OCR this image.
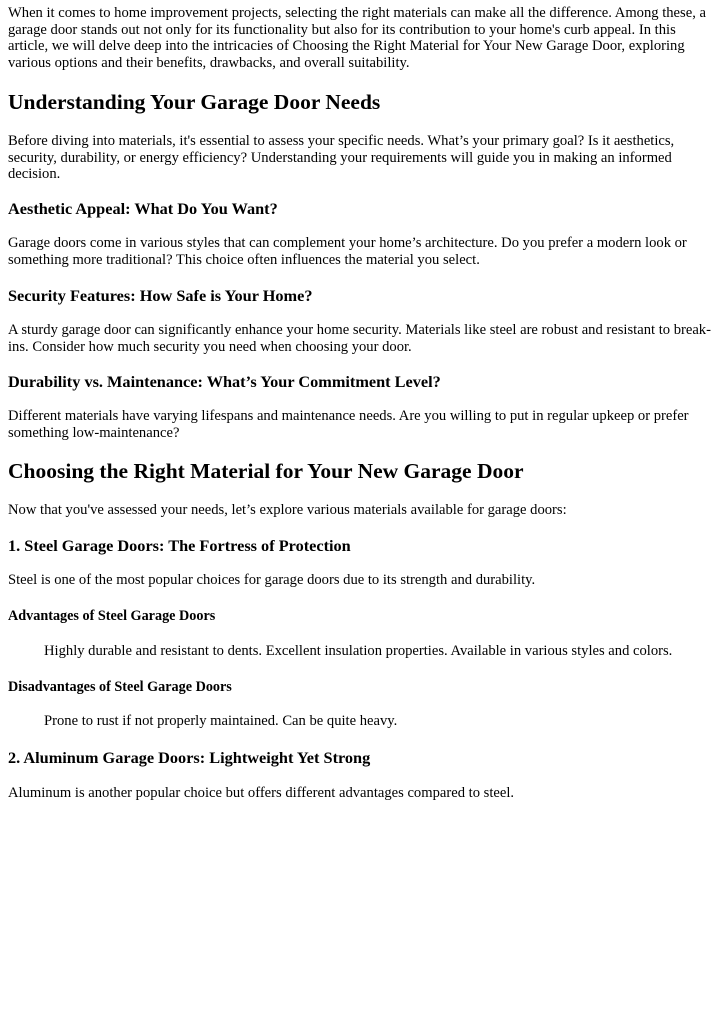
When it comes to home improvement projects, selecting the right materials can make all the difference. Among these, a garage door stands out not only for its functionality but also for its contribution to your home's curb appeal. In this article, we will delve deep into the intricacies of Choosing the Right Material for Your New Garage Door, exploring various options and their benefits, drawbacks, and overall suitability.

Understanding Your Garage Door Needs

Before diving into materials, it's essential to assess your specific needs. What’s your primary goal? Is it aesthetics, security, durability, or energy efficiency? Understanding your requirements will guide you in making an informed decision.

Aesthetic Appeal: What Do You Want?

Garage doors come in various styles that can complement your home’s architecture. Do you prefer a modern look or something more traditional? This choice often influences the material you select.

Security Features: How Safe is Your Home?

A sturdy garage door can significantly enhance your home security. Materials like steel are robust and resistant to break-ins. Consider how much security you need when choosing your door.

Durability vs. Maintenance: What’s Your Commitment Level?

Different materials have varying lifespans and maintenance needs. Are you willing to put in regular upkeep or prefer something low-maintenance?

Choosing the Right Material for Your New Garage Door

Now that you've assessed your needs, let’s explore various materials available for garage doors:

1. Steel Garage Doors: The Fortress of Protection

Steel is one of the most popular choices for garage doors due to its strength and durability.

Advantages of Steel Garage Doors

Highly durable and resistant to dents. Excellent insulation properties. Available in various styles and colors.

Disadvantages of Steel Garage Doors

Prone to rust if not properly maintained. Can be quite heavy.

2. Aluminum Garage Doors: Lightweight Yet Strong

Aluminum is another popular choice but offers different advantages compared to steel.
